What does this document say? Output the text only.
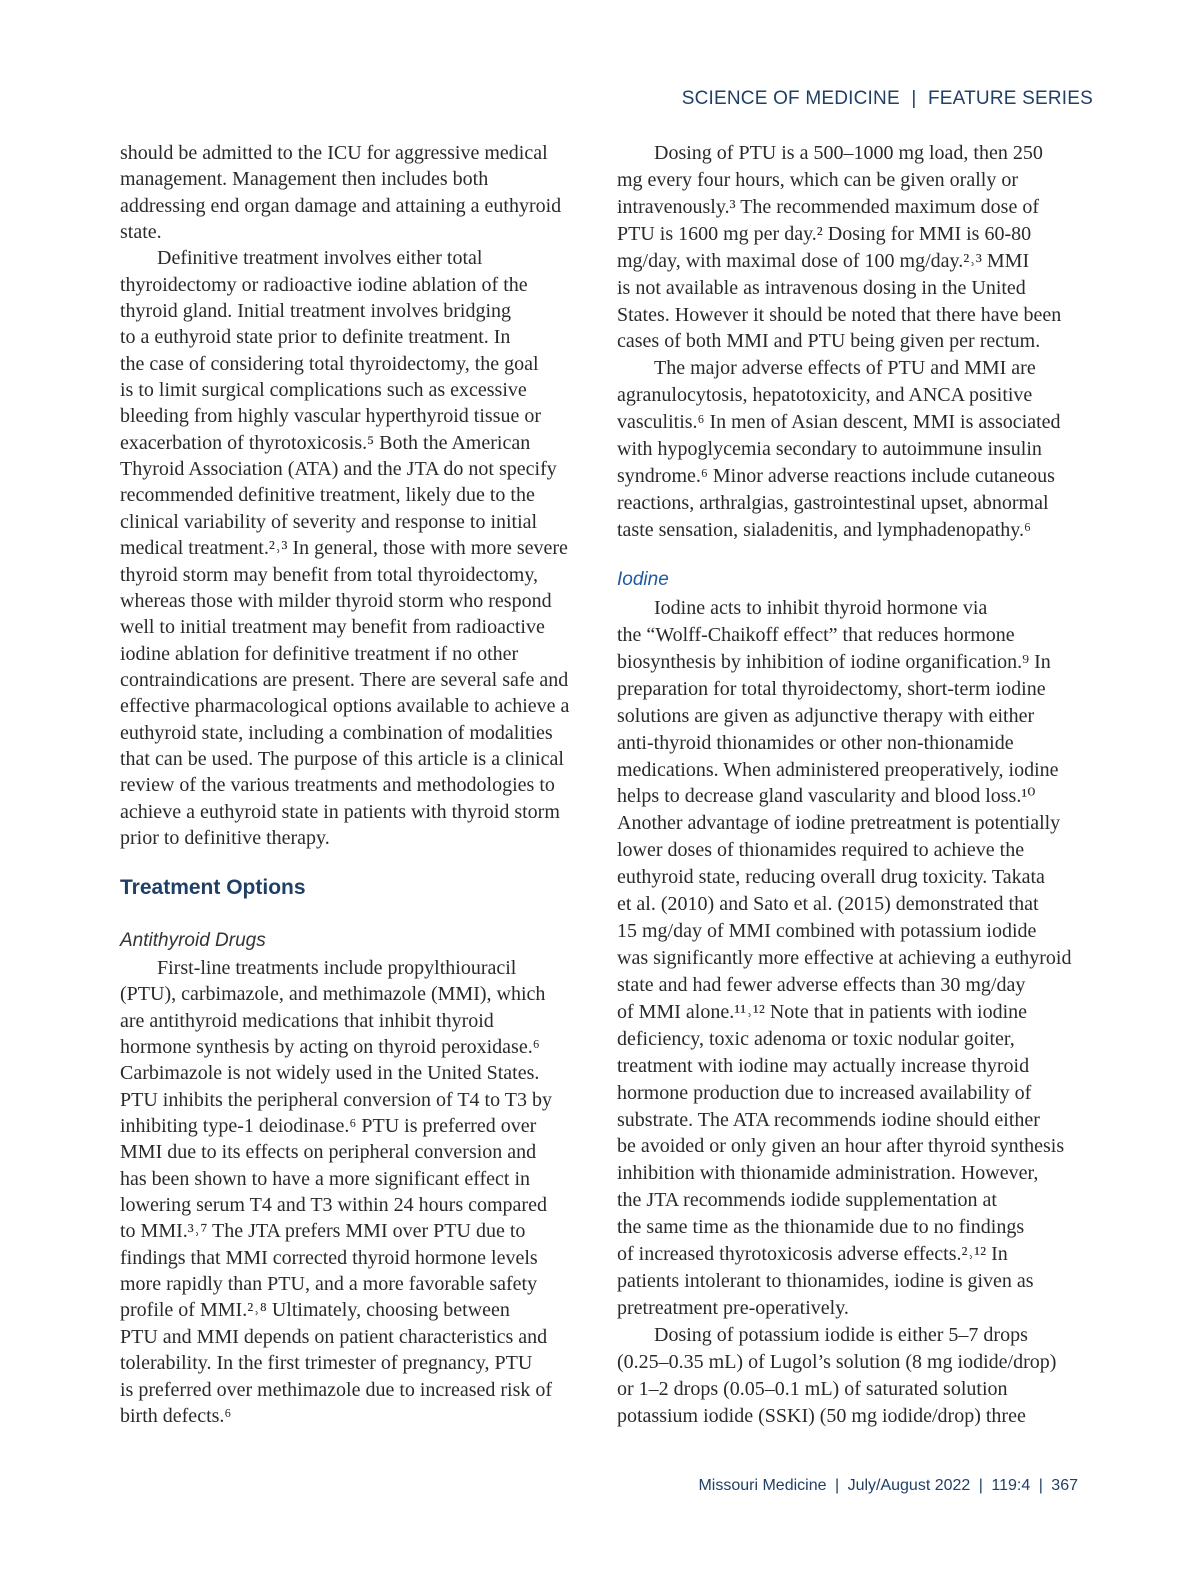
SCIENCE OF MEDICINE | FEATURE SERIES
should be admitted to the ICU for aggressive medical
management. Management then includes both
addressing end organ damage and attaining a euthyroid
state.
Definitive treatment involves either total
thyroidectomy or radioactive iodine ablation of the
thyroid gland. Initial treatment involves bridging
to a euthyroid state prior to definite treatment. In
the case of considering total thyroidectomy, the goal
is to limit surgical complications such as excessive
bleeding from highly vascular hyperthyroid tissue or
exacerbation of thyrotoxicosis.⁵ Both the American
Thyroid Association (ATA) and the JTA do not specify
recommended definitive treatment, likely due to the
clinical variability of severity and response to initial
medical treatment.²˒³ In general, those with more severe
thyroid storm may benefit from total thyroidectomy,
whereas those with milder thyroid storm who respond
well to initial treatment may benefit from radioactive
iodine ablation for definitive treatment if no other
contraindications are present. There are several safe and
effective pharmacological options available to achieve a
euthyroid state, including a combination of modalities
that can be used. The purpose of this article is a clinical
review of the various treatments and methodologies to
achieve a euthyroid state in patients with thyroid storm
prior to definitive therapy.
Treatment Options
Antithyroid Drugs
First-line treatments include propylthiouracil
(PTU), carbimazole, and methimazole (MMI), which
are antithyroid medications that inhibit thyroid
hormone synthesis by acting on thyroid peroxidase.⁶
Carbimazole is not widely used in the United States.
PTU inhibits the peripheral conversion of T4 to T3 by
inhibiting type-1 deiodinase.⁶ PTU is preferred over
MMI due to its effects on peripheral conversion and
has been shown to have a more significant effect in
lowering serum T4 and T3 within 24 hours compared
to MMI.³˒⁷ The JTA prefers MMI over PTU due to
findings that MMI corrected thyroid hormone levels
more rapidly than PTU, and a more favorable safety
profile of MMI.²˒⁸ Ultimately, choosing between
PTU and MMI depends on patient characteristics and
tolerability. In the first trimester of pregnancy, PTU
is preferred over methimazole due to increased risk of
birth defects.⁶
Dosing of PTU is a 500–1000 mg load, then 250
mg every four hours, which can be given orally or
intravenously.³ The recommended maximum dose of
PTU is 1600 mg per day.² Dosing for MMI is 60-80
mg/day, with maximal dose of 100 mg/day.²˒³ MMI
is not available as intravenous dosing in the United
States. However it should be noted that there have been
cases of both MMI and PTU being given per rectum.
The major adverse effects of PTU and MMI are
agranulocytosis, hepatotoxicity, and ANCA positive
vasculitis.⁶ In men of Asian descent, MMI is associated
with hypoglycemia secondary to autoimmune insulin
syndrome.⁶ Minor adverse reactions include cutaneous
reactions, arthralgias, gastrointestinal upset, abnormal
taste sensation, sialadenitis, and lymphadenopathy.⁶
Iodine
Iodine acts to inhibit thyroid hormone via
the “Wolff-Chaikoff effect” that reduces hormone
biosynthesis by inhibition of iodine organification.⁹ In
preparation for total thyroidectomy, short-term iodine
solutions are given as adjunctive therapy with either
anti-thyroid thionamides or other non-thionamide
medications. When administered preoperatively, iodine
helps to decrease gland vascularity and blood loss.¹⁰
Another advantage of iodine pretreatment is potentially
lower doses of thionamides required to achieve the
euthyroid state, reducing overall drug toxicity. Takata
et al. (2010) and Sato et al. (2015) demonstrated that
15 mg/day of MMI combined with potassium iodide
was significantly more effective at achieving a euthyroid
state and had fewer adverse effects than 30 mg/day
of MMI alone.¹¹˒¹² Note that in patients with iodine
deficiency, toxic adenoma or toxic nodular goiter,
treatment with iodine may actually increase thyroid
hormone production due to increased availability of
substrate. The ATA recommends iodine should either
be avoided or only given an hour after thyroid synthesis
inhibition with thionamide administration. However,
the JTA recommends iodide supplementation at
the same time as the thionamide due to no findings
of increased thyrotoxicosis adverse effects.²˒¹² In
patients intolerant to thionamides, iodine is given as
pretreatment pre-operatively.
Dosing of potassium iodide is either 5–7 drops
(0.25–0.35 mL) of Lugol’s solution (8 mg iodide/drop)
or 1–2 drops (0.05–0.1 mL) of saturated solution
potassium iodide (SSKI) (50 mg iodide/drop) three
Missouri Medicine | July/August 2022 | 119:4 | 367
